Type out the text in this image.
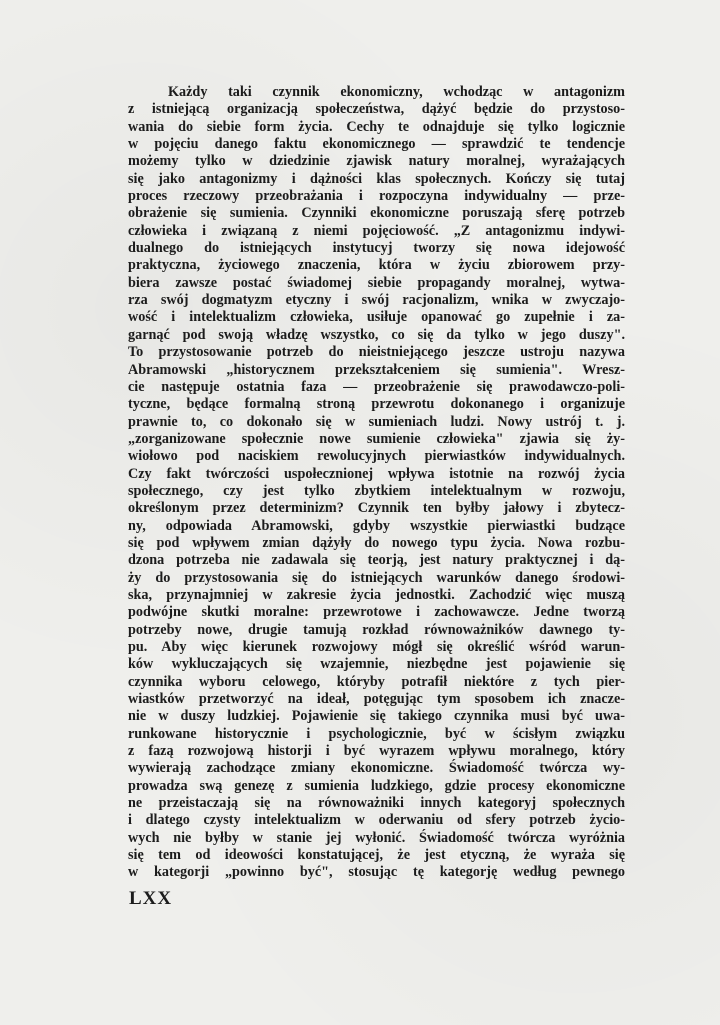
Każdy taki czynnik ekonomiczny, wchodząc w antagonizm
z istniejącą organizacją społeczeństwa, dążyć będzie do przystoso-
wania do siebie form życia. Cechy te odnajduje się tylko logicznie
w pojęciu danego faktu ekonomicznego — sprawdzić te tendencje
możemy tylko w dziedzinie zjawisk natury moralnej, wyrażających
się jako antagonizmy i dążności klas społecznych. Kończy się tutaj
proces rzeczowy przeobrażania i rozpoczyna indywidualny — prze-
obrażenie się sumienia. Czynniki ekonomiczne poruszają sferę potrzeb
człowieka i związaną z niemi pojęciowość. „Z antagonizmu indywi-
dualnego do istniejących instytucyj tworzy się nowa idejowość
praktyczna, życiowego znaczenia, która w życiu zbiorowem przy-
biera zawsze postać świadomej siebie propagandy moralnej, wytwa-
rza swój dogmatyzm etyczny i swój racjonalizm, wnika w zwyczajo-
wość i intelektualizm człowieka, usiłuje opanować go zupełnie i za-
garnąć pod swoją władzę wszystko, co się da tylko w jego duszy".
To przystosowanie potrzeb do nieistniejącego jeszcze ustroju nazywa
Abramowski „historycznem przekształceniem się sumienia". Wresz-
cie następuje ostatnia faza — przeobrażenie się prawodawczo-poli-
tyczne, będące formalną stroną przewrotu dokonanego i organizuje
prawnie to, co dokonało się w sumieniach ludzi. Nowy ustrój t. j.
„zorganizowane społecznie nowe sumienie człowieka" zjawia się ży-
wiołowo pod naciskiem rewolucyjnych pierwiastków indywidualnych.
Czy fakt twórczości uspołecznionej wpływa istotnie na rozwój życia
społecznego, czy jest tylko zbytkiem intelektualnym w rozwoju,
określonym przez determinizm? Czynnik ten byłby jałowy i zbytecz-
ny, odpowiada Abramowski, gdyby wszystkie pierwiastki budzące
się pod wpływem zmian dążyły do nowego typu życia. Nowa rozbu-
dzona potrzeba nie zadawala się teorją, jest natury praktycznej i dą-
ży do przystosowania się do istniejących warunków danego środowi-
ska, przynajmniej w zakresie życia jednostki. Zachodzić więc muszą
podwójne skutki moralne: przewrotowe i zachowawcze. Jedne tworzą
potrzeby nowe, drugie tamują rozkład równoważników dawnego ty-
pu. Aby więc kierunek rozwojowy mógł się określić wśród warun-
ków wykluczających się wzajemnie, niezbędne jest pojawienie się
czynnika wyboru celowego, któryby potrafił niektóre z tych pier-
wiastków przetworzyć na ideał, potęgując tym sposobem ich znacze-
nie w duszy ludzkiej. Pojawienie się takiego czynnika musi być uwa-
runkowane historycznie i psychologicznie, być w ścisłym związku
z fazą rozwojową historji i być wyrazem wpływu moralnego, który
wywierają zachodzące zmiany ekonomiczne. Świadomość twórcza wy-
prowadza swą genezę z sumienia ludzkiego, gdzie procesy ekonomiczne
ne przeistaczają się na równoważniki innych kategoryj społecznych
i dlatego czysty intelektualizm w oderwaniu od sfery potrzeb życio-
wych nie byłby w stanie jej wyłonić. Świadomość twórcza wyróżnia
się tem od ideowości konstatującej, że jest etyczną, że wyraża się
w kategorji „powinno być", stosując tę kategorję według pewnego
LXX
